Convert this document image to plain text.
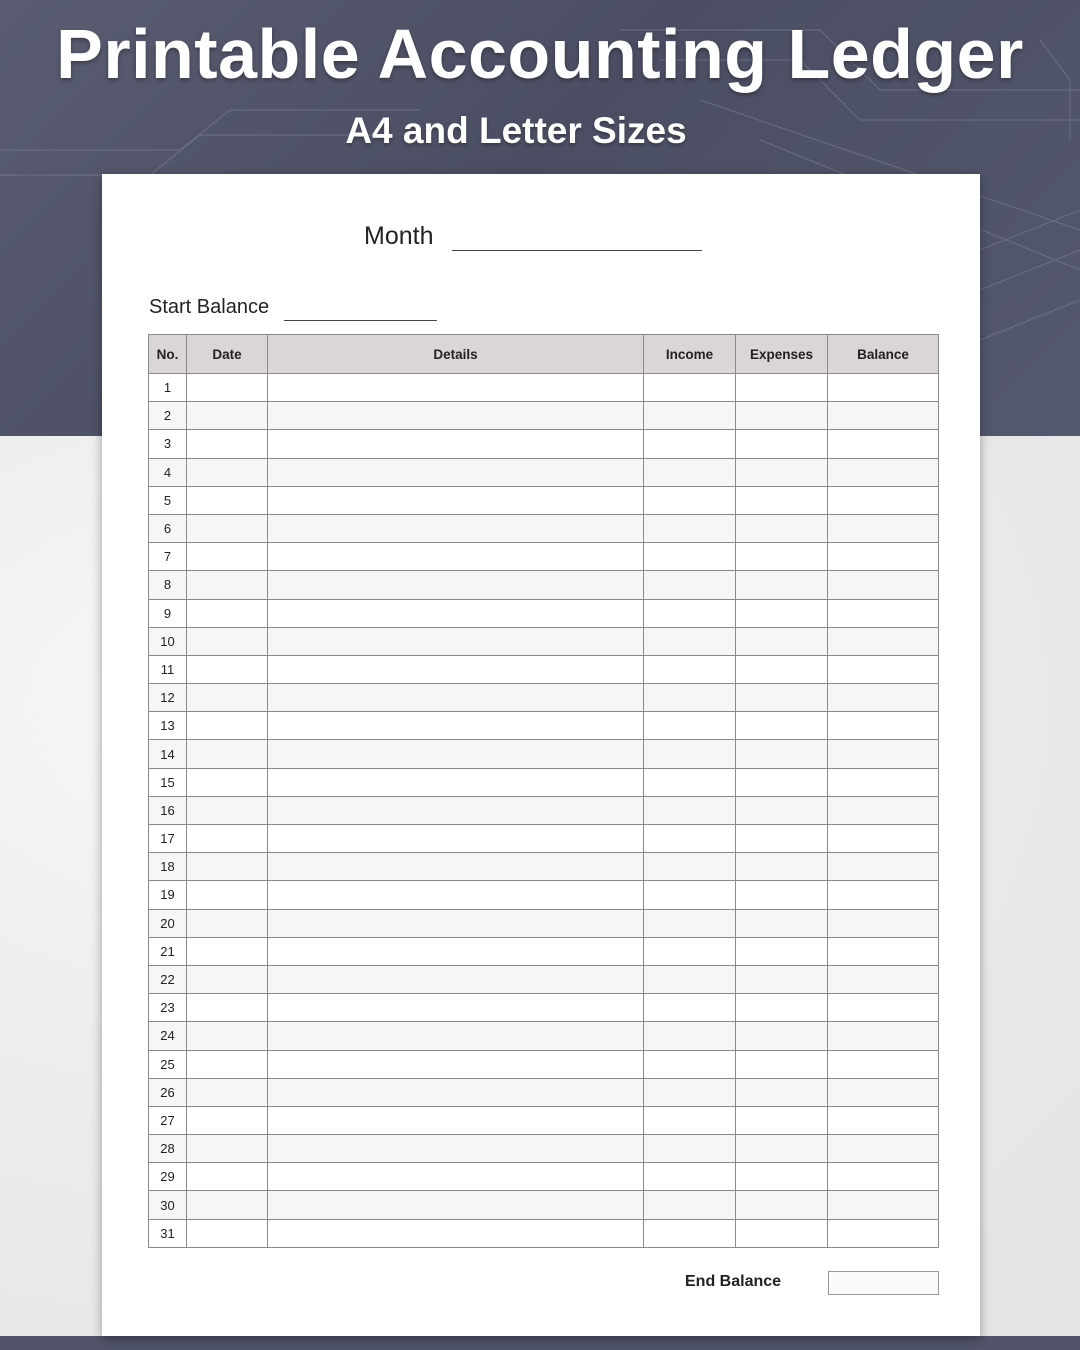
Printable Accounting Ledger
A4 and Letter Sizes
Month
Start Balance
No.	Date	Details	Income	Expenses	Balance
1					
2					
3					
4					
5					
6					
7					
8					
9					
10					
11					
12					
13					
14					
15					
16					
17					
18					
19					
20					
21					
22					
23					
24					
25					
26					
27					
28					
29					
30					
31					
End Balance
